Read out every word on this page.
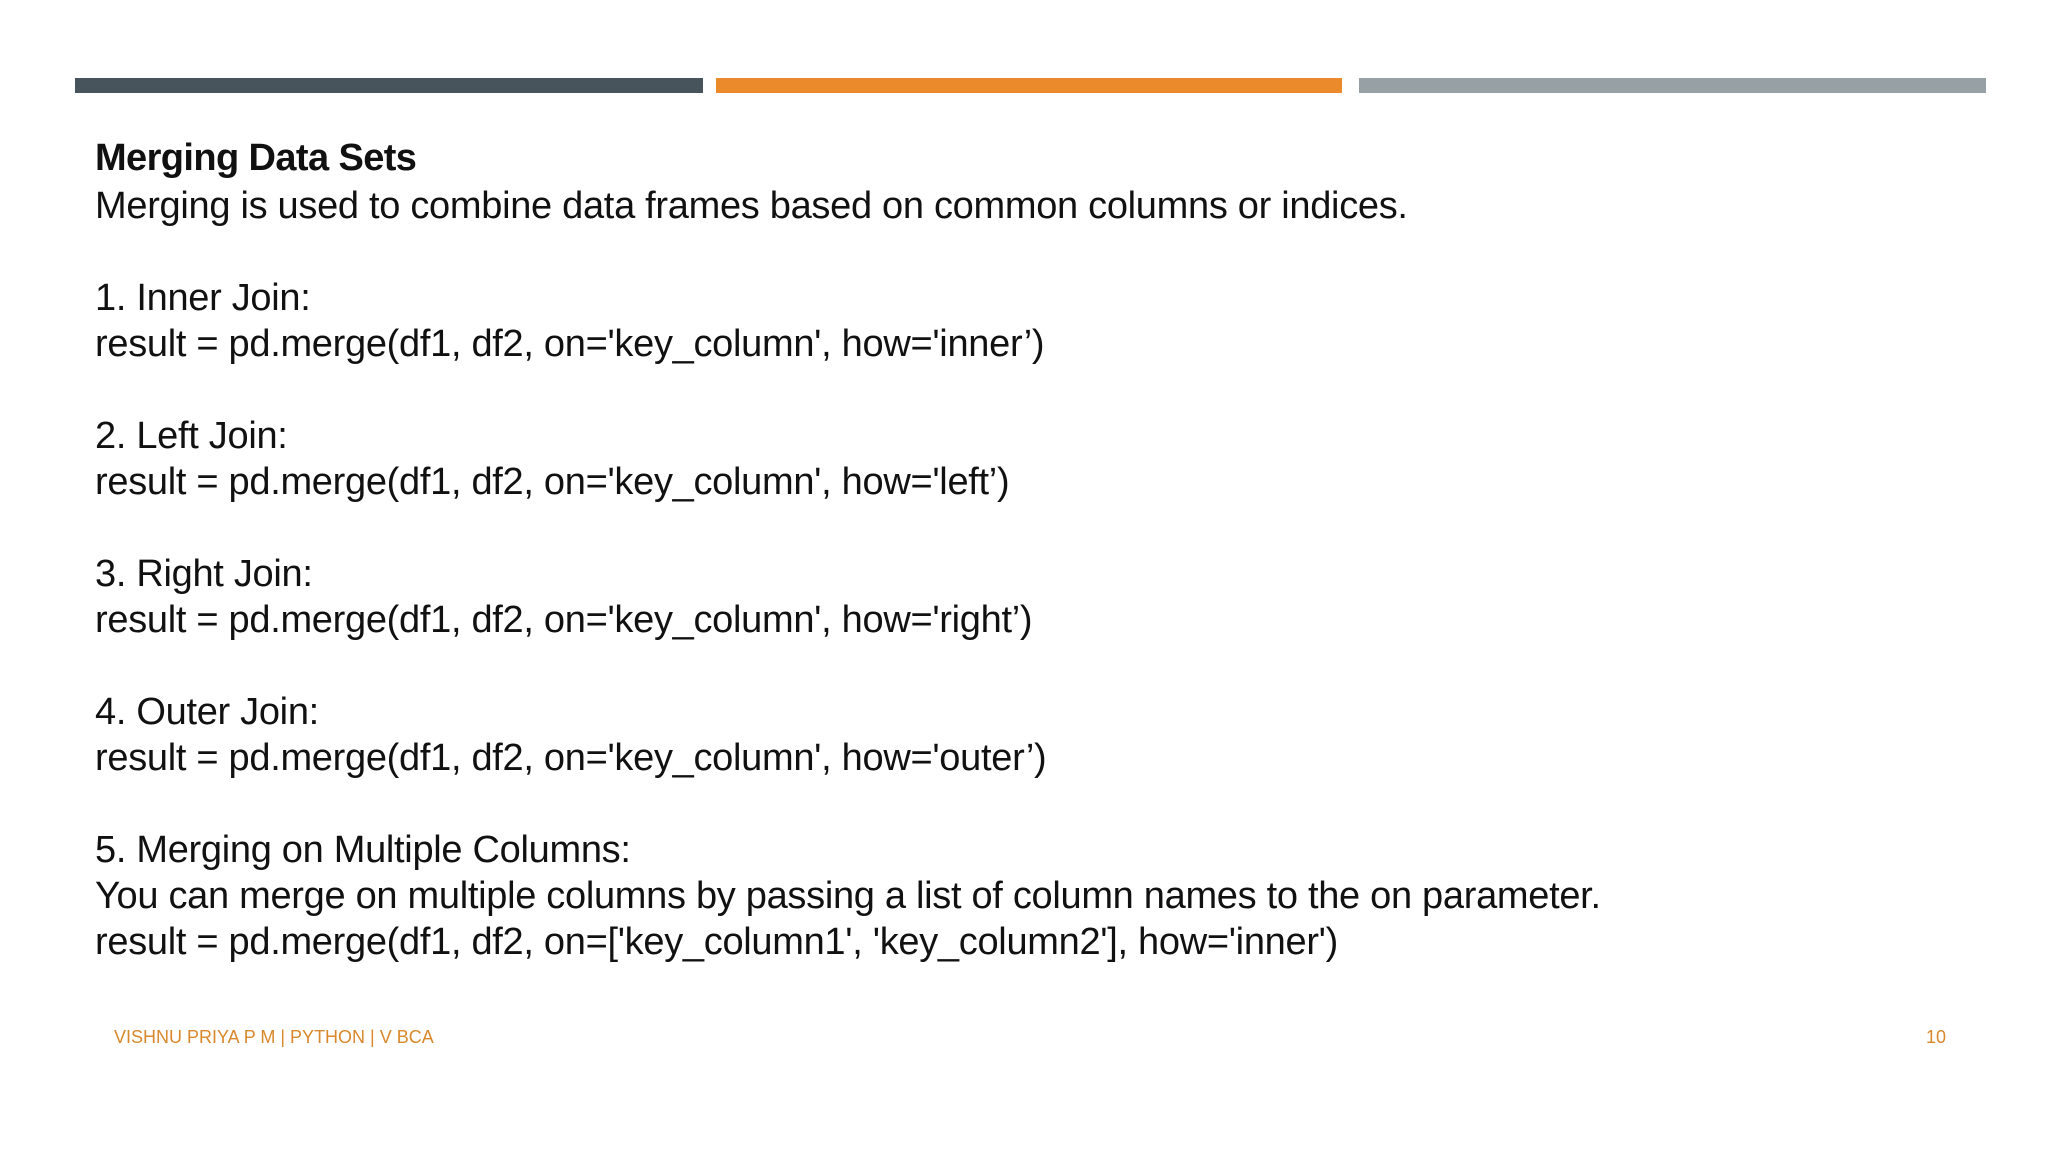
Merging Data Sets
Merging is used to combine data frames based on common columns or indices.
1. Inner Join:
result = pd.merge(df1, df2, on='key_column', how='inner’)
2. Left Join:
result = pd.merge(df1, df2, on='key_column', how='left’)
3. Right Join:
result = pd.merge(df1, df2, on='key_column', how='right’)
4. Outer Join:
result = pd.merge(df1, df2, on='key_column', how='outer’)
5. Merging on Multiple Columns:
You can merge on multiple columns by passing a list of column names to the on parameter.
result = pd.merge(df1, df2, on=['key_column1', 'key_column2'], how='inner')
VISHNU PRIYA P M | PYTHON | V BCA	10
